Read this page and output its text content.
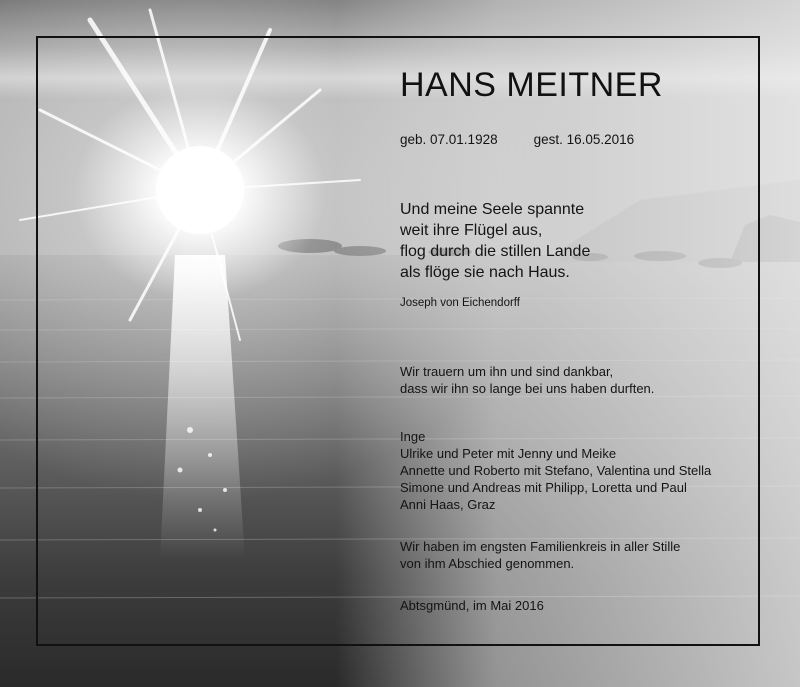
HANS MEITNER
geb. 07.01.1928	gest. 16.05.2016
Und meine Seele spannte
weit ihre Flügel aus,
flog durch die stillen Lande
als flöge sie nach Haus.
Joseph von Eichendorff
Wir trauern um ihn und sind dankbar,
dass wir ihn so lange bei uns haben durften.
Inge
Ulrike und Peter mit Jenny und Meike
Annette und Roberto mit Stefano, Valentina und Stella
Simone und Andreas mit Philipp, Loretta und Paul
Anni Haas, Graz
Wir haben im engsten Familienkreis in aller Stille
von ihm Abschied genommen.
Abtsgmünd, im Mai 2016
